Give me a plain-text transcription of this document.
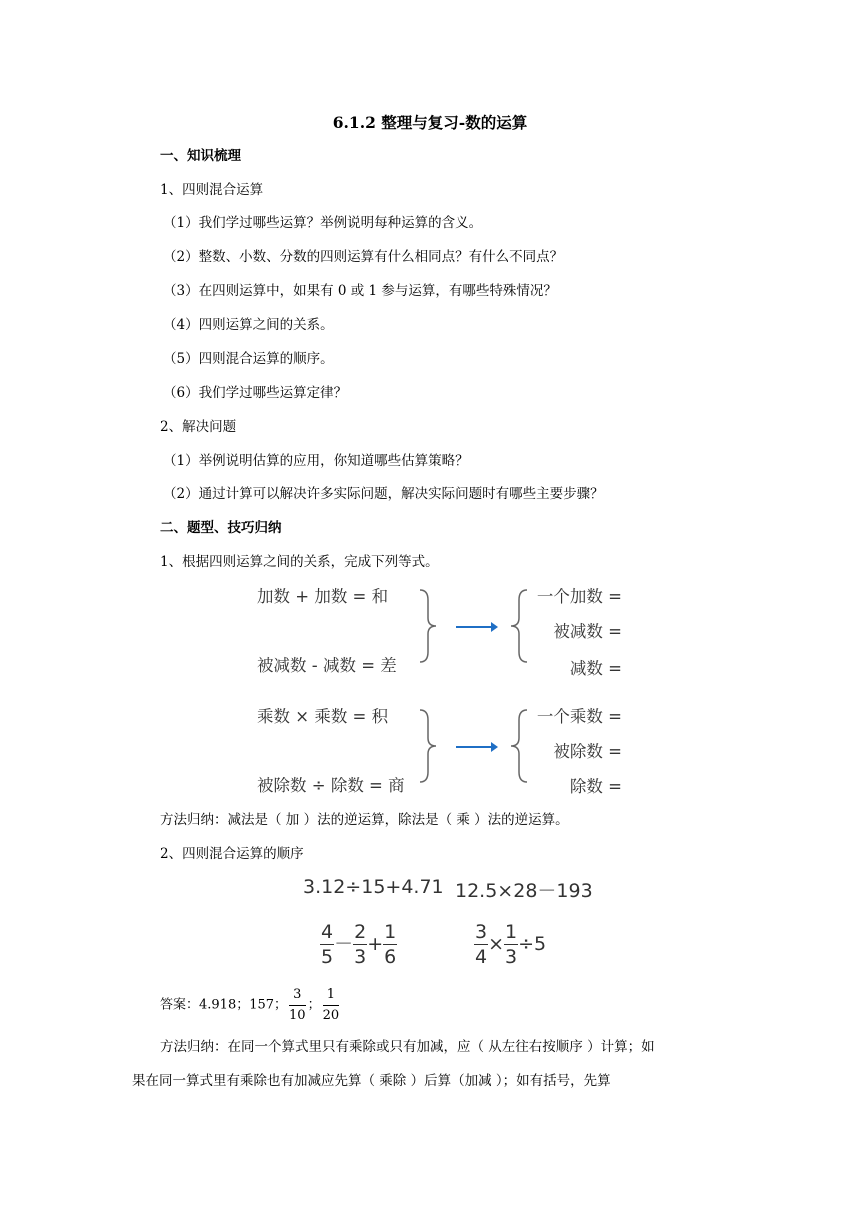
6.1.2 整理与复习-数的运算
一、知识梳理
1、四则混合运算
（1）我们学过哪些运算？举例说明每种运算的含义。
（2）整数、小数、分数的四则运算有什么相同点？有什么不同点？
（3）在四则运算中，如果有 0 或 1 参与运算，有哪些特殊情况？
（4）四则运算之间的关系。
（5）四则混合运算的顺序。
（6）我们学过哪些运算定律？
2、解决问题
（1）举例说明估算的应用，你知道哪些估算策略？
（2）通过计算可以解决许多实际问题，解决实际问题时有哪些主要步骤？
二、题型、技巧归纳
1、根据四则运算之间的关系，完成下列等式。
加数 + 加数 = 和
被减数 - 减数 = 差
一个加数 =
被减数 =
减数 =
乘数 × 乘数 = 积
被除数 ÷ 除数 = 商
一个乘数 =
被除数 =
除数 =
方法归纳：减法是（ 加 ）法的逆运算，除法是（ 乘 ）法的逆运算。
2、四则混合运算的顺序
3.12÷15+4.71 12.5×28－193
$\frac{4}{5} - \frac{2}{3} + \frac{1}{6}$	$\frac{3}{4} \times \frac{1}{3} \div 5$
答案：4.918；157； $\frac{3}{10}$ ； $\frac{1}{20}$
方法归纳：在同一个算式里只有乘除或只有加减，应（ 从左往右按顺序 ）计算；如
果在同一算式里有乘除也有加减应先算（ 乘除 ）后算（加减 ）；如有括号，先算
